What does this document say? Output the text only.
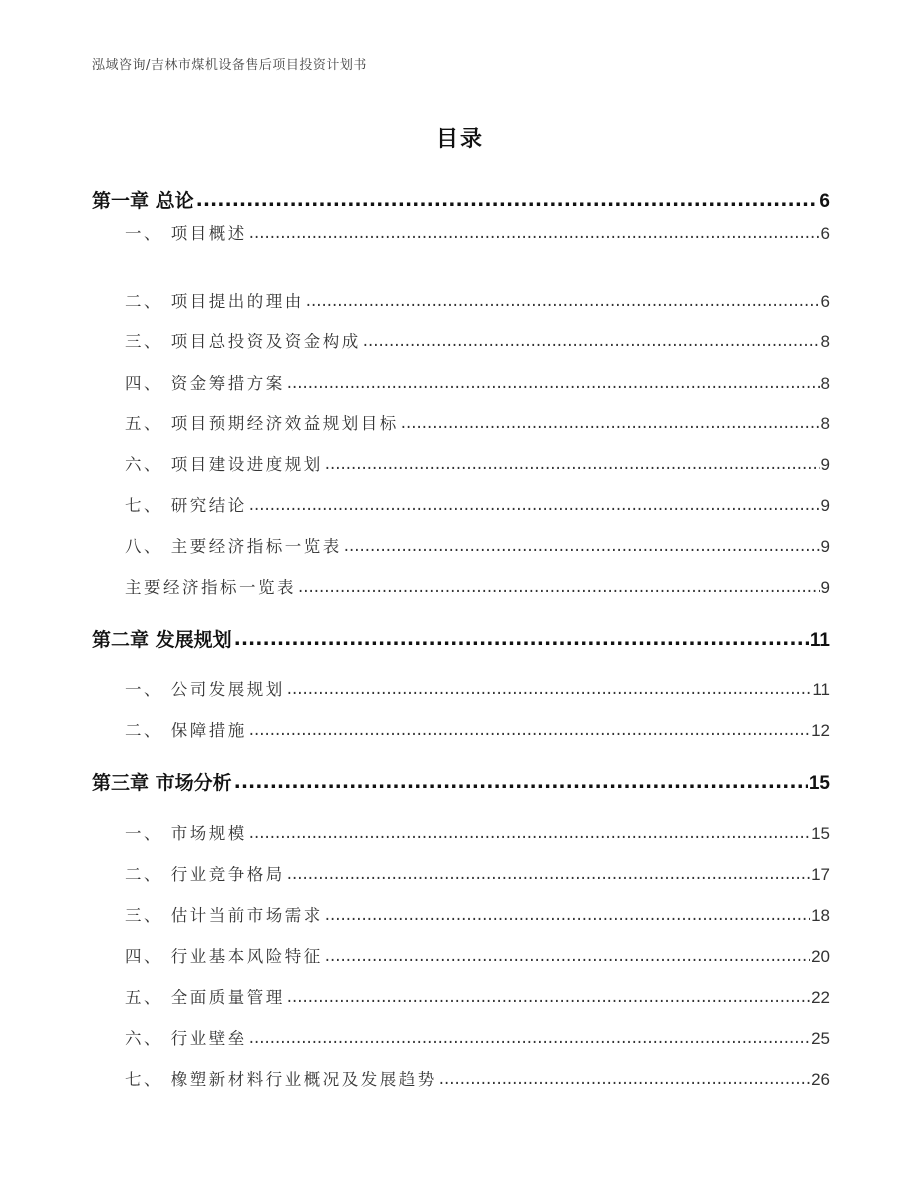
泓域咨询/吉林市煤机设备售后项目投资计划书
目录
第一章 总论 .....	6
一、 项目概述 .....	6
二、 项目提出的理由 .....	6
三、 项目总投资及资金构成 .....	8
四、 资金筹措方案 .....	8
五、 项目预期经济效益规划目标 .....	8
六、 项目建设进度规划 .....	9
七、 研究结论 .....	9
八、 主要经济指标一览表 .....	9
主要经济指标一览表 .....	9
第二章 发展规划 .....	11
一、 公司发展规划 .....	11
二、 保障措施 .....	12
第三章 市场分析 .....	15
一、 市场规模 .....	15
二、 行业竞争格局 .....	17
三、 估计当前市场需求 .....	18
四、 行业基本风险特征 .....	20
五、 全面质量管理 .....	22
六、 行业壁垒 .....	25
七、 橡塑新材料行业概况及发展趋势 .....	26
